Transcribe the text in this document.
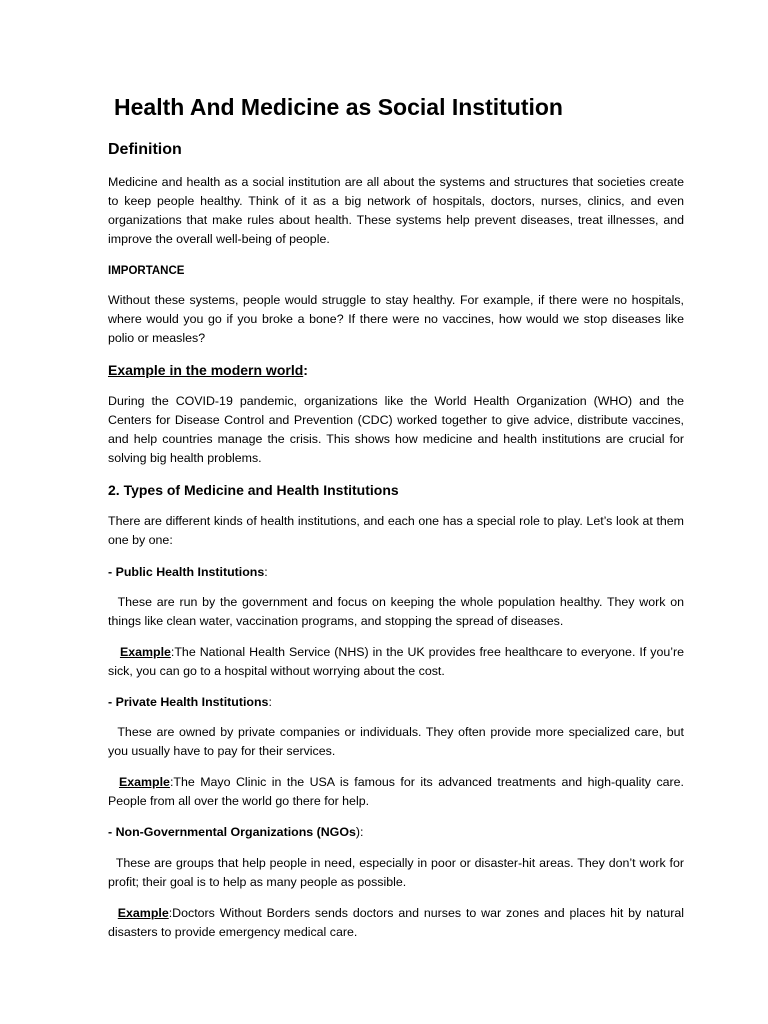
Health And Medicine as Social Institution
Definition

Medicine and health as a social institution are all about the systems and structures that societies create to keep people healthy. Think of it as a big network of hospitals, doctors, nurses, clinics, and even organizations that make rules about health. These systems help prevent diseases, treat illnesses, and improve the overall well-being of people.

IMPORTANCE

Without these systems, people would struggle to stay healthy. For example, if there were no hospitals, where would you go if you broke a bone? If there were no vaccines, how would we stop diseases like polio or measles?

Example in the modern world:

During the COVID-19 pandemic, organizations like the World Health Organization (WHO) and the Centers for Disease Control and Prevention (CDC) worked together to give advice, distribute vaccines, and help countries manage the crisis. This shows how medicine and health institutions are crucial for solving big health problems.

2. Types of Medicine and Health Institutions

There are different kinds of health institutions, and each one has a special role to play. Let’s look at them one by one:

- Public Health Institutions:

These are run by the government and focus on keeping the whole population healthy. They work on things like clean water, vaccination programs, and stopping the spread of diseases.

Example:The National Health Service (NHS) in the UK provides free healthcare to everyone. If you’re sick, you can go to a hospital without worrying about the cost.

- Private Health Institutions:

These are owned by private companies or individuals. They often provide more specialized care, but you usually have to pay for their services.

Example:The Mayo Clinic in the USA is famous for its advanced treatments and high-quality care. People from all over the world go there for help.

- Non-Governmental Organizations (NGOs):

These are groups that help people in need, especially in poor or disaster-hit areas. They don’t work for profit; their goal is to help as many people as possible.

Example:Doctors Without Borders sends doctors and nurses to war zones and places hit by natural disasters to provide emergency medical care.
